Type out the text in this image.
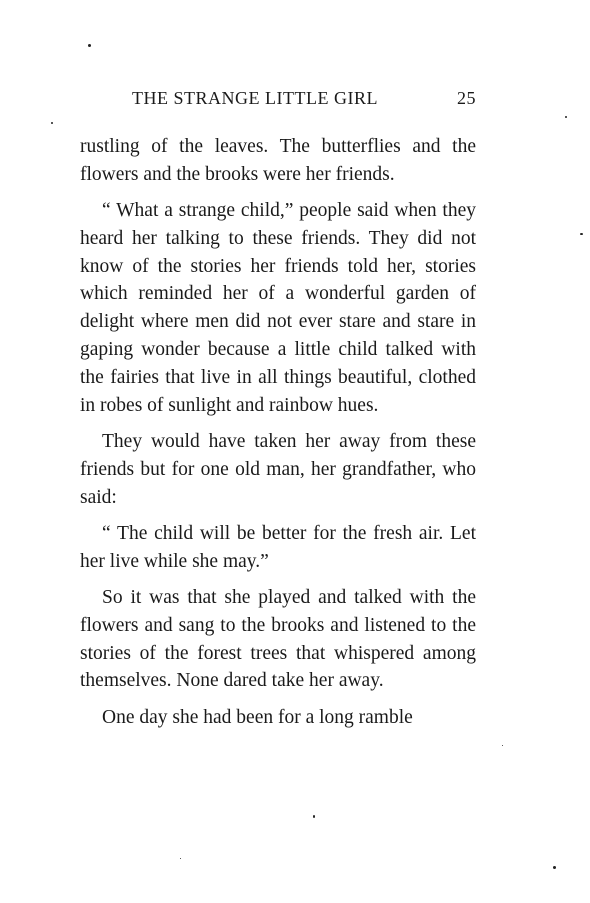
THE STRANGE LITTLE GIRL	25

rustling of the leaves. The butterflies and the flowers and the brooks were her friends.

“ What a strange child,” people said when they heard her talking to these friends. They did not know of the stories her friends told her, stories which reminded her of a wonderful garden of delight where men did not ever stare and stare in gaping wonder because a little child talked with the fairies that live in all things beautiful, clothed in robes of sunlight and rainbow hues.

They would have taken her away from these friends but for one old man, her grandfather, who said:

“ The child will be better for the fresh air. Let her live while she may.”

So it was that she played and talked with the flowers and sang to the brooks and listened to the stories of the forest trees that whispered among themselves. None dared take her away.

One day she had been for a long ramble
